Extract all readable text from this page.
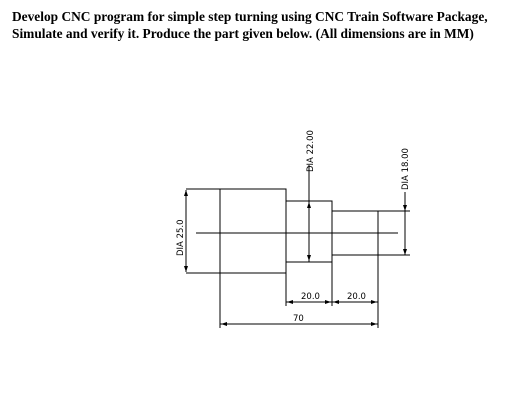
Develop CNC program for simple step turning using CNC Train Software Package,
Simulate and verify it. Produce the part given below. (All dimensions are in MM)
DIA 25.0
DIA 22.00	DIA 18.00
20.0	20.0
70
